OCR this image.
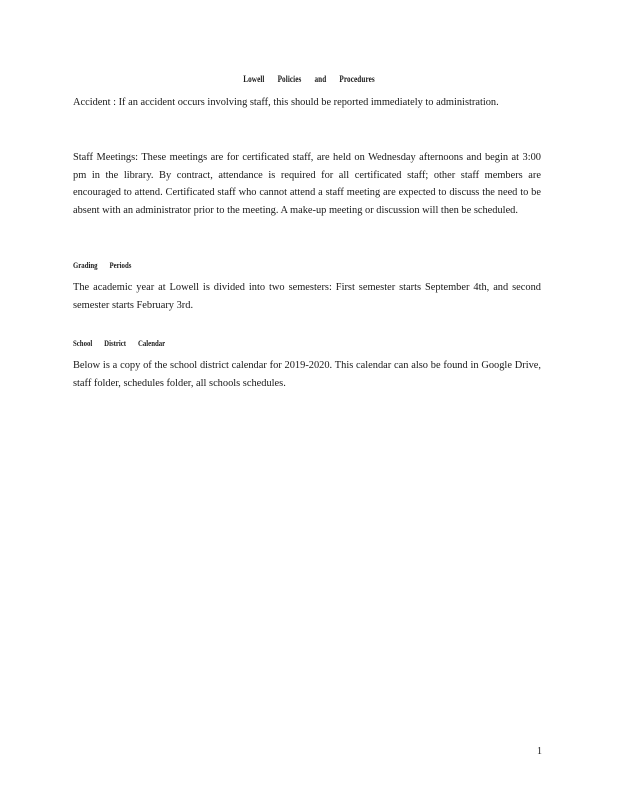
Lowell Policies and Procedures

Accident : If an accident occurs involving staff, this should be reported immediately to administration.

Staff Meetings: These meetings are for certificated staff, are held on Wednesday afternoons and begin at 3:00 pm in the library. By contract, attendance is required for all certificated staff; other staff members are encouraged to attend. Certificated staff who cannot attend a staff meeting are expected to discuss the need to be absent with an administrator prior to the meeting. A make-up meeting or discussion will then be scheduled.

Grading Periods

The academic year at Lowell is divided into two semesters: First semester starts September 4th, and second semester starts February 3rd.

School District Calendar

Below is a copy of the school district calendar for 2019-2020. This calendar can also be found in Google Drive, staff folder, schedules folder, all schools schedules.

1
